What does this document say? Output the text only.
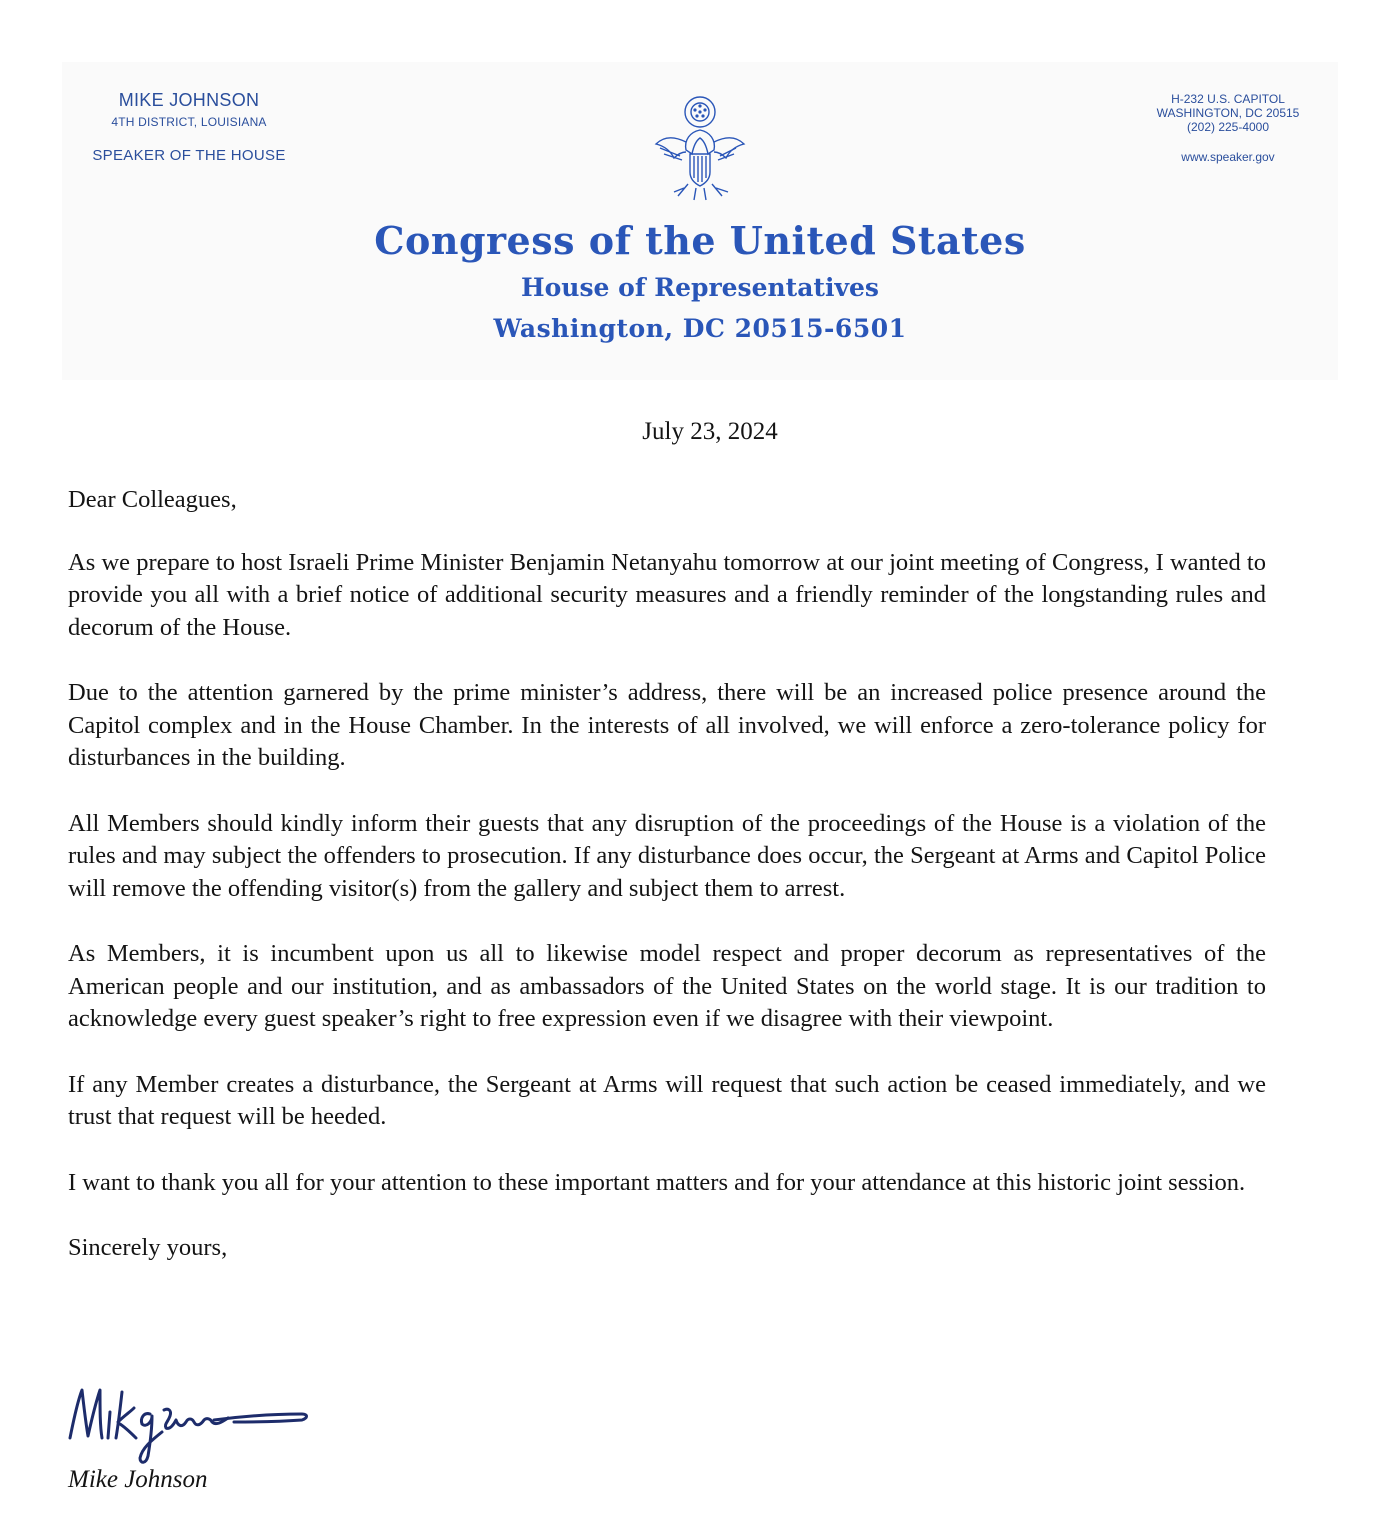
MIKE JOHNSON
4TH DISTRICT, LOUISIANA
SPEAKER OF THE HOUSE
H-232 U.S. CAPITOL
WASHINGTON, DC 20515
(202) 225-4000
www.speaker.gov
Congress of the United States
House of Representatives
Washington, DC 20515-6501
July 23, 2024

Dear Colleagues,

As we prepare to host Israeli Prime Minister Benjamin Netanyahu tomorrow at our joint meeting of Congress, I wanted to provide you all with a brief notice of additional security measures and a friendly reminder of the longstanding rules and decorum of the House.

Due to the attention garnered by the prime minister’s address, there will be an increased police presence around the Capitol complex and in the House Chamber. In the interests of all involved, we will enforce a zero-tolerance policy for disturbances in the building.

All Members should kindly inform their guests that any disruption of the proceedings of the House is a violation of the rules and may subject the offenders to prosecution. If any disturbance does occur, the Sergeant at Arms and Capitol Police will remove the offending visitor(s) from the gallery and subject them to arrest.

As Members, it is incumbent upon us all to likewise model respect and proper decorum as representatives of the American people and our institution, and as ambassadors of the United States on the world stage. It is our tradition to acknowledge every guest speaker’s right to free expression even if we disagree with their viewpoint.

If any Member creates a disturbance, the Sergeant at Arms will request that such action be ceased immediately, and we trust that request will be heeded.

I want to thank you all for your attention to these important matters and for your attendance at this historic joint session.

Sincerely yours,

Mike Johnson
